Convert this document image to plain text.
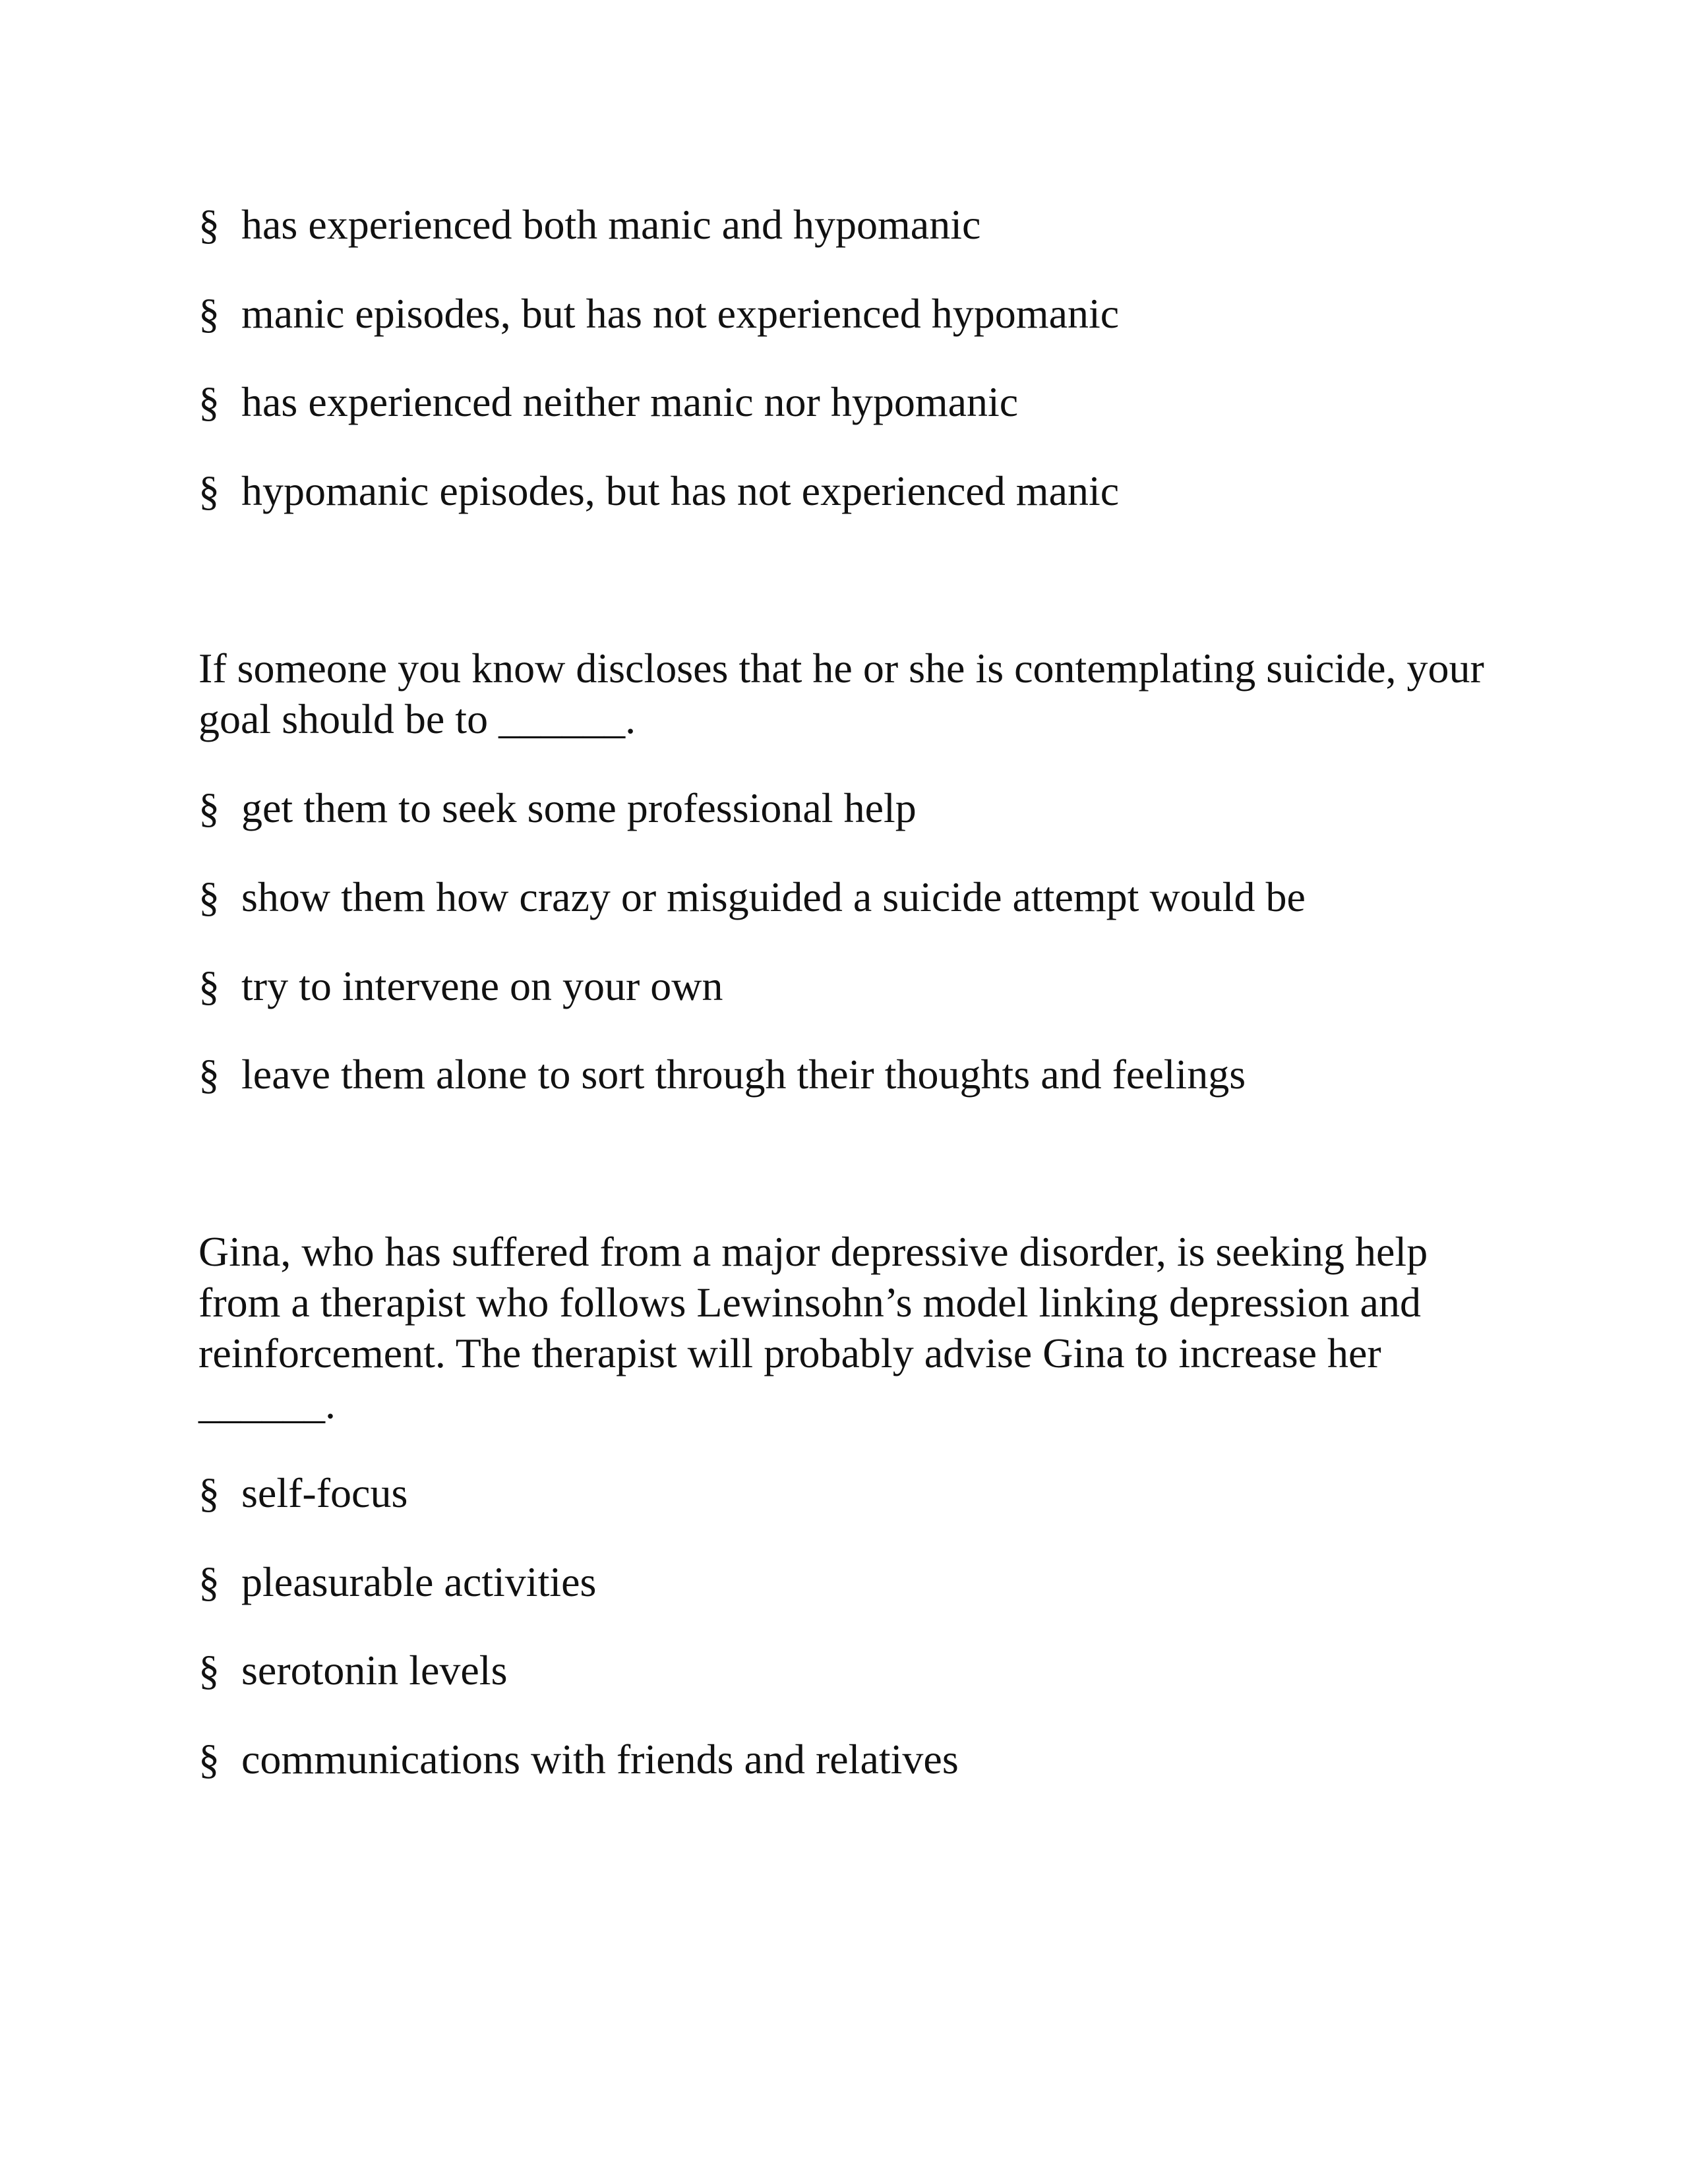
§ has experienced both manic and hypomanic
§ manic episodes, but has not experienced hypomanic
§ has experienced neither manic nor hypomanic
§ hypomanic episodes, but has not experienced manic

If someone you know discloses that he or she is contemplating suicide, your goal should be to ______.

§ get them to seek some professional help
§ show them how crazy or misguided a suicide attempt would be
§ try to intervene on your own
§ leave them alone to sort through their thoughts and feelings

Gina, who has suffered from a major depressive disorder, is seeking help from a therapist who follows Lewinsohn’s model linking depression and reinforcement. The therapist will probably advise Gina to increase her ______.

§ self-focus
§ pleasurable activities
§ serotonin levels
§ communications with friends and relatives
